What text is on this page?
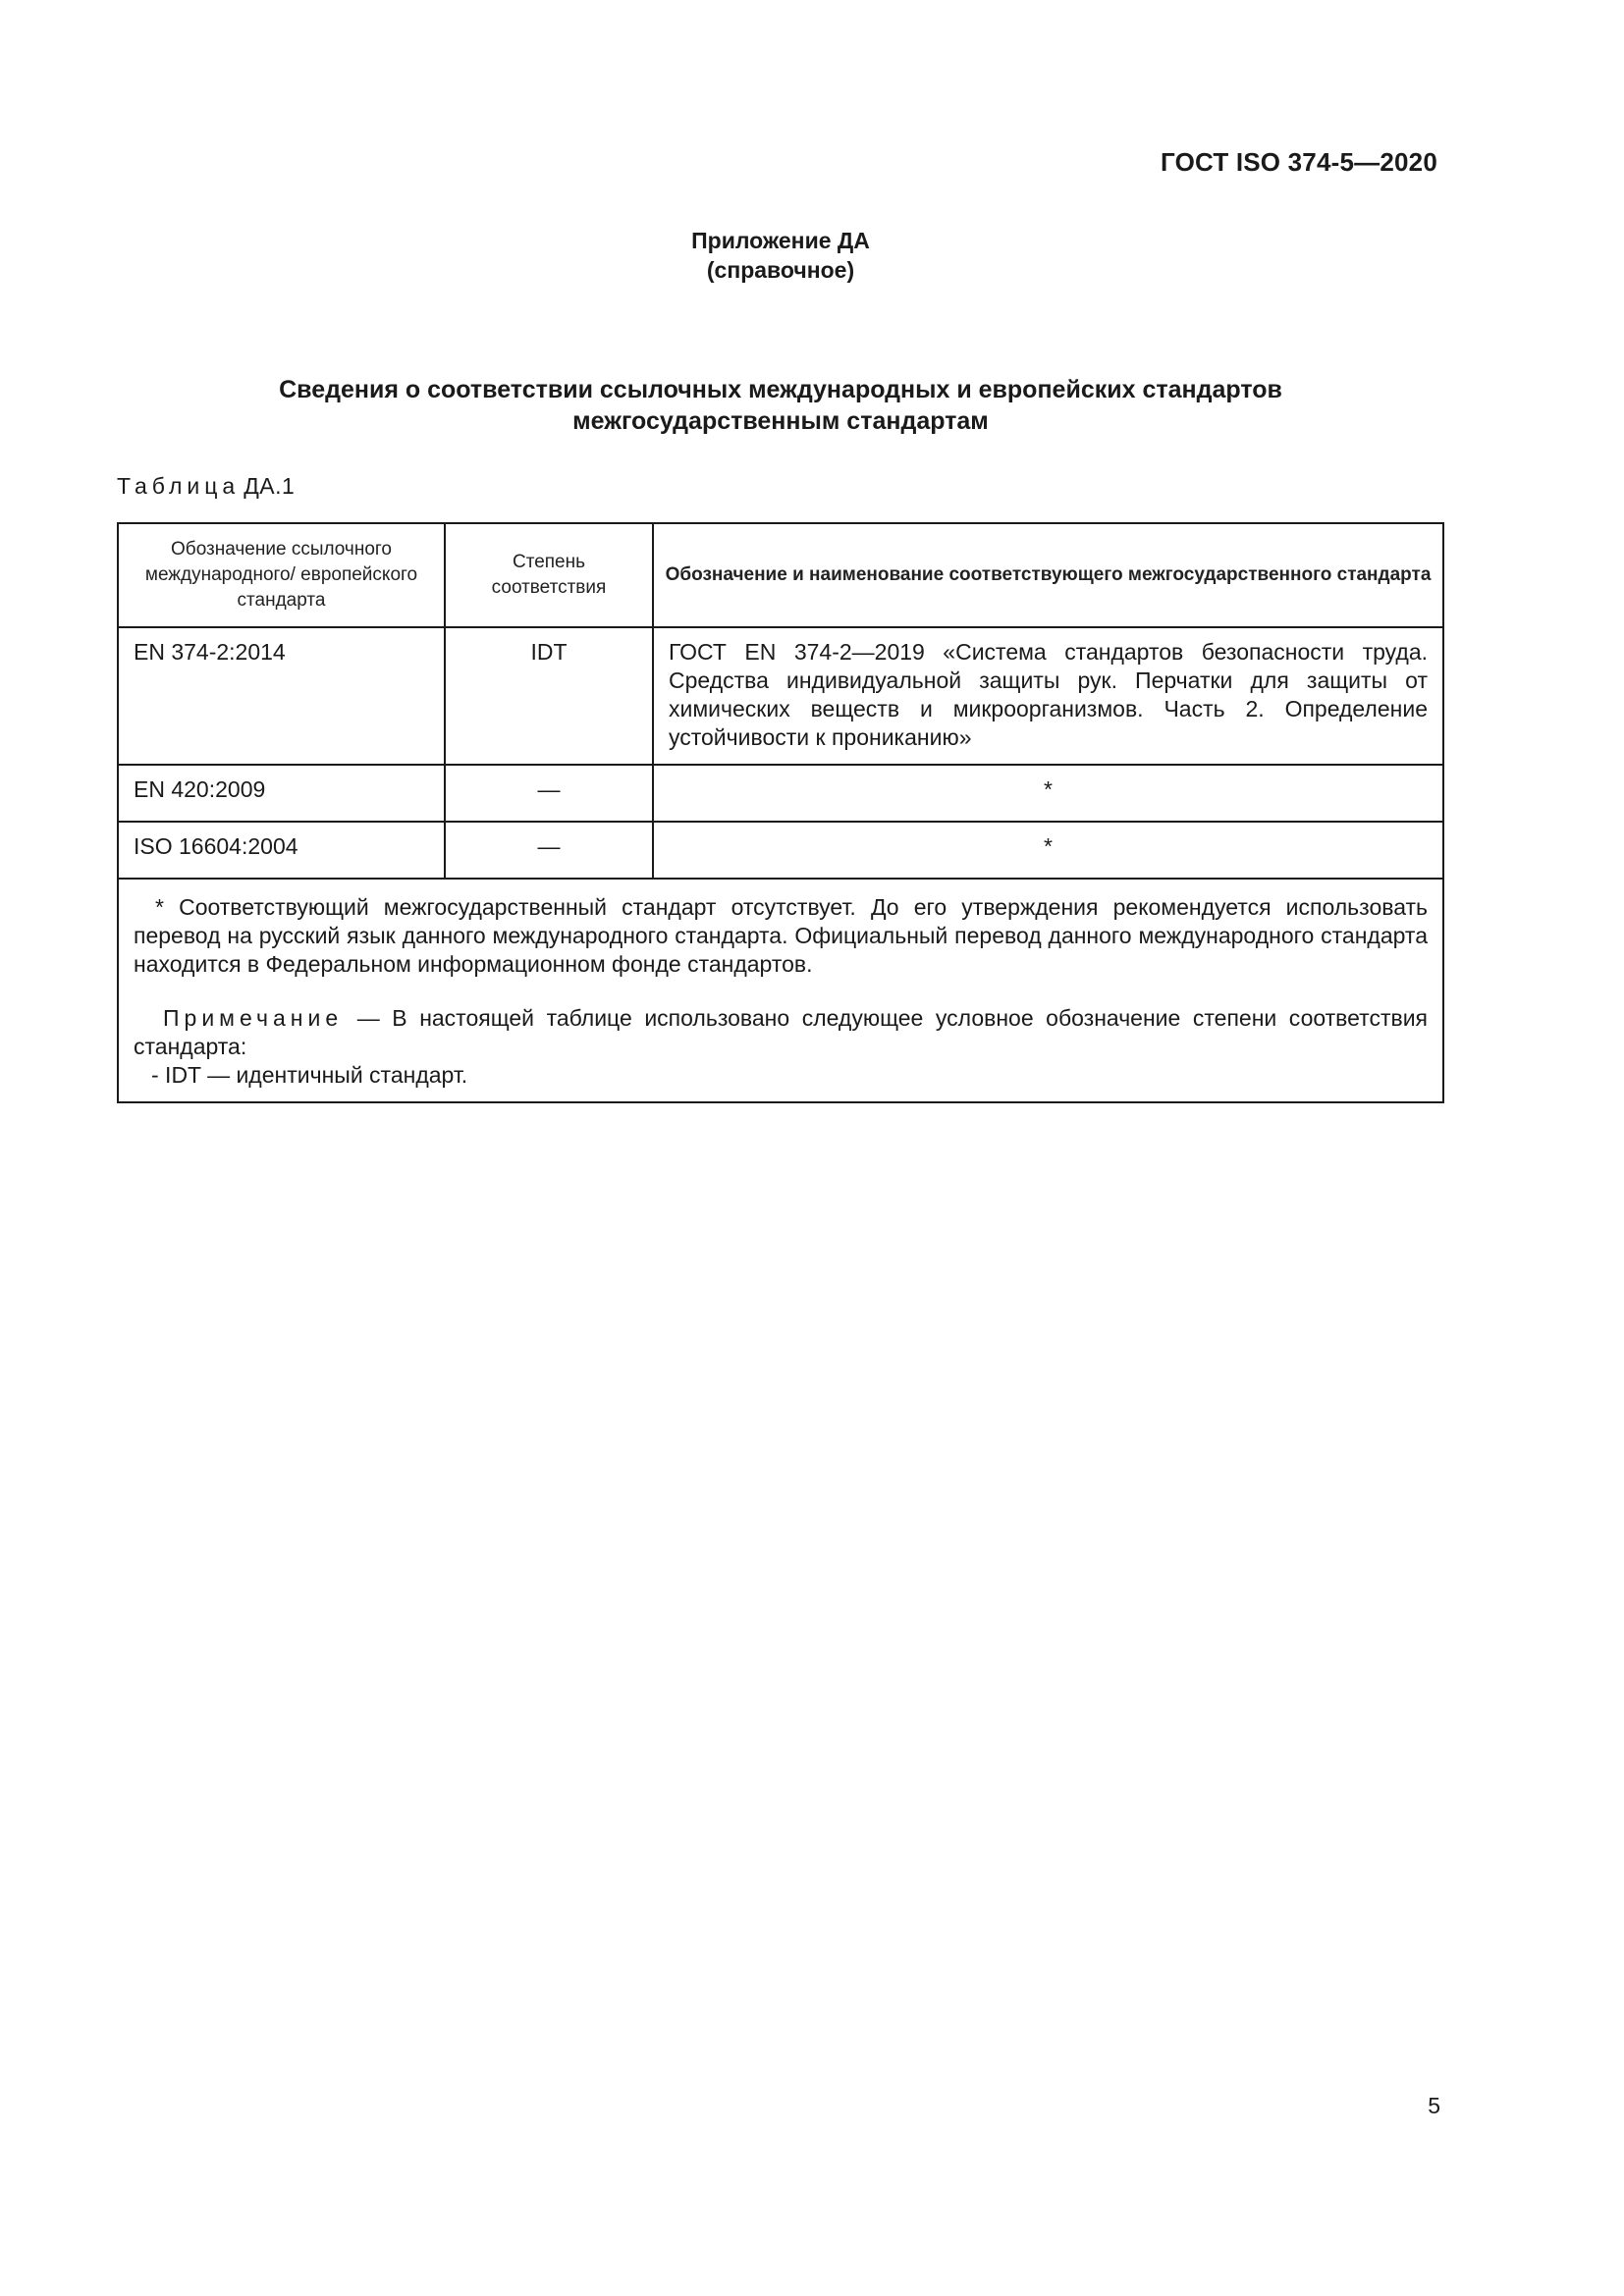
ГОСТ ISO 374-5—2020
Приложение ДА
(справочное)
Сведения о соответствии ссылочных международных и европейских стандартов
межгосударственным стандартам
Таблица ДА.1
Обозначение ссылочного международного/ европейского стандарта	Степень соответствия	Обозначение и наименование соответствующего межгосударственного стандарта

EN 374-2:2014	IDT	ГОСТ EN 374-2—2019 «Система стандартов безопасности труда. Средства индивидуальной защиты рук. Перчатки для защиты от химических веществ и микроорганизмов. Часть 2. Определение устойчивости к прониканию»
EN 420:2009	—	*
ISO 16604:2004	—	*

* Соответствующий межгосударственный стандарт отсутствует. До его утверждения рекомендуется использовать перевод на русский язык данного международного стандарта. Официальный перевод данного международного стандарта находится в Федеральном информационном фонде стандартов.

Примечание — В настоящей таблице использовано следующее условное обозначение степени соответствия стандарта:

- IDT — идентичный стандарт.		

5
